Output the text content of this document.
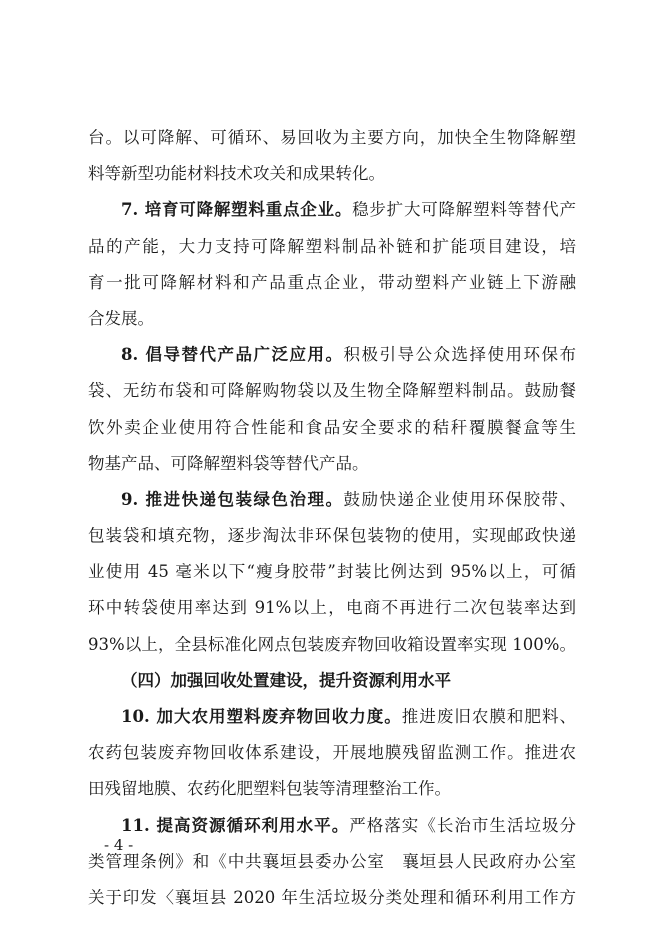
台。以可降解、可循环、易回收为主要方向，加快全生物降解塑
料等新型功能材料技术攻关和成果转化。
7. 培育可降解塑料重点企业。稳步扩大可降解塑料等替代产
品的产能，大力支持可降解塑料制品补链和扩能项目建设，培
育一批可降解材料和产品重点企业，带动塑料产业链上下游融
合发展。
8. 倡导替代产品广泛应用。积极引导公众选择使用环保布
袋、无纺布袋和可降解购物袋以及生物全降解塑料制品。鼓励餐
饮外卖企业使用符合性能和食品安全要求的秸秆覆膜餐盒等生
物基产品、可降解塑料袋等替代产品。
9. 推进快递包装绿色治理。鼓励快递企业使用环保胶带、
包装袋和填充物，逐步淘汰非环保包装物的使用，实现邮政快递
业使用 45 毫米以下“瘦身胶带”封装比例达到 95%以上，可循
环中转袋使用率达到 91%以上，电商不再进行二次包装率达到
93%以上，全县标准化网点包装废弃物回收箱设置率实现 100%。
（四）加强回收处置建设，提升资源利用水平
10. 加大农用塑料废弃物回收力度。推进废旧农膜和肥料、
农药包装废弃物回收体系建设，开展地膜残留监测工作。推进农
田残留地膜、农药化肥塑料包装等清理整治工作。
11. 提高资源循环利用水平。严格落实《长治市生活垃圾分
类管理条例》和《中共襄垣县委办公室　襄垣县人民政府办公室
关于印发〈襄垣县 2020 年生活垃圾分类处理和循环利用工作方
- 4 -
